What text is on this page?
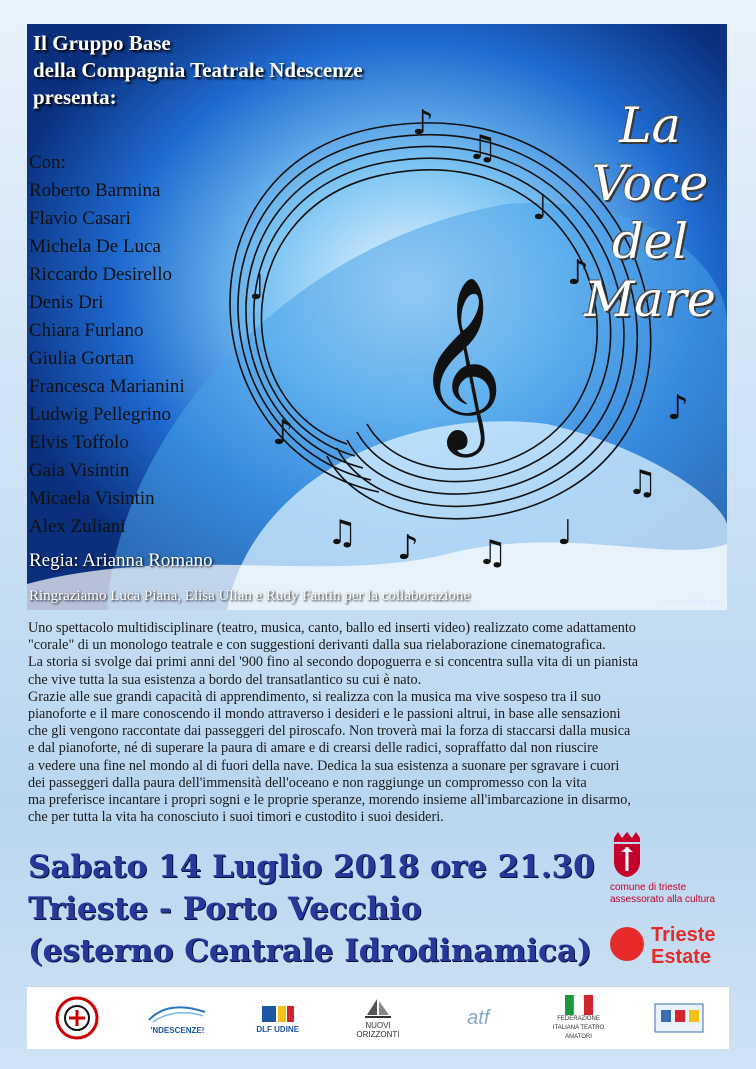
𝄞
♪
♫
♩
♪
♫ ♪ ♫ ♩
♫
♪
♪
♩
Il Gruppo Base
della Compagnia Teatrale Ndescenze
presenta:	La
Voce
del
Mare
Con:
Roberto Barmina
Flavio Casari
Michela De Luca
Riccardo Desirello
Denis Dri
Chiara Furlano
Giulia Gortan
Francesca Marianini
Ludwig Pellegrino
Elvis Toffolo
Gaia Visintin
Micaela Visintin
Alex Zuliani
Regia: Arianna Romano
Ringraziamo Luca Piana, Elisa Ulian e Rudy Fantin per la collaborazione	www.mimic.net

Uno spettacolo multidisciplinare (teatro, musica, canto, ballo ed inserti video) realizzato come adattamento

"corale" di un monologo teatrale e con suggestioni derivanti dalla sua rielaborazione cinematografica.

La storia si svolge dai primi anni del '900 fino al secondo dopoguerra e si concentra sulla vita di un pianista

che vive tutta la sua esistenza a bordo del transatlantico su cui è nato.

Grazie alle sue grandi capacità di apprendimento, si realizza con la musica ma vive sospeso tra il suo

pianoforte e il mare conoscendo il mondo attraverso i desideri e le passioni altrui, in base alle sensazioni

che gli vengono raccontate dai passeggeri del piroscafo. Non troverà mai la forza di staccarsi dalla musica

e dal pianoforte, né di superare la paura di amare e di crearsi delle radici, sopraffatto dal non riuscire

a vedere una fine nel mondo al di fuori della nave. Dedica la sua esistenza a suonare per sgravare i cuori

dei passeggeri dalla paura dell'immensità dell'oceano e non raggiunge un compromesso con la vita

ma preferisce incantare i propri sogni e le proprie speranze, morendo insieme all'imbarcazione in disarmo,

che per tutta la vita ha conosciuto i suoi timori e custodito i suoi desideri.

Sabato 14 Luglio 2018 ore 21.30
Trieste - Porto Vecchio
(esterno Centrale Idrodinamica)
comune di trieste
assessorato alla cultura
Trieste
Estate
'NDESCENZE!	DLF UDINE	NUOVI ORIZZONTI
atf	FEDERAZIONE ITALIANA TEATRO AMATORI
